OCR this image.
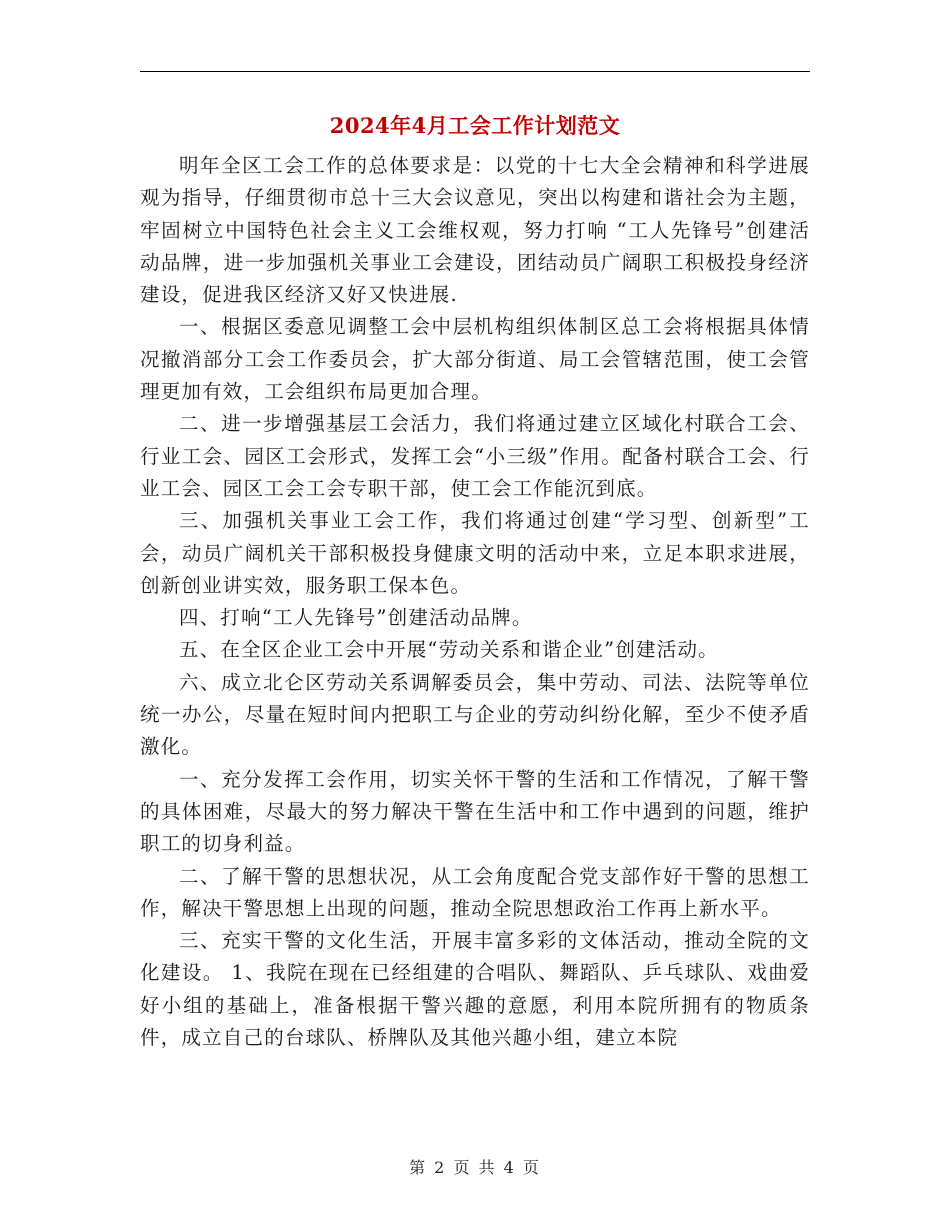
2024年4月工会工作计划范文

明年全区工会工作的总体要求是：以党的十七大全会精神和科学进展观为指导，仔细贯彻市总十三大会议意见，突出以构建和谐社会为主题，牢固树立中国特色社会主义工会维权观，努力打响 “工人先锋号”创建活动品牌，进一步加强机关事业工会建设，团结动员广阔职工积极投身经济建设，促进我区经济又好又快进展.

一、根据区委意见调整工会中层机构组织体制区总工会将根据具体情况撤消部分工会工作委员会，扩大部分街道、局工会管辖范围，使工会管理更加有效，工会组织布局更加合理。

二、进一步增强基层工会活力，我们将通过建立区域化村联合工会、行业工会、园区工会形式，发挥工会“小三级”作用。配备村联合工会、行业工会、园区工会工会专职干部，使工会工作能沉到底。

三、加强机关事业工会工作，我们将通过创建“学习型、创新型”工会，动员广阔机关干部积极投身健康文明的活动中来，立足本职求进展，创新创业讲实效，服务职工保本色。

四、打响“工人先锋号”创建活动品牌。

五、在全区企业工会中开展“劳动关系和谐企业”创建活动。

六、成立北仑区劳动关系调解委员会，集中劳动、司法、法院等单位统一办公，尽量在短时间内把职工与企业的劳动纠纷化解，至少不使矛盾激化。

一、充分发挥工会作用，切实关怀干警的生活和工作情况，了解干警的具体困难，尽最大的努力解决干警在生活中和工作中遇到的问题，维护职工的切身利益。

二、了解干警的思想状况，从工会角度配合党支部作好干警的思想工作，解决干警思想上出现的问题，推动全院思想政治工作再上新水平。

三、充实干警的文化生活，开展丰富多彩的文体活动，推动全院的文化建设。 1、我院在现在已经组建的合唱队、舞蹈队、乒乓球队、戏曲爱好小组的基础上，准备根据干警兴趣的意愿，利用本院所拥有的物质条件，成立自己的台球队、桥牌队及其他兴趣小组，建立本院

第 2 页 共 4 页
